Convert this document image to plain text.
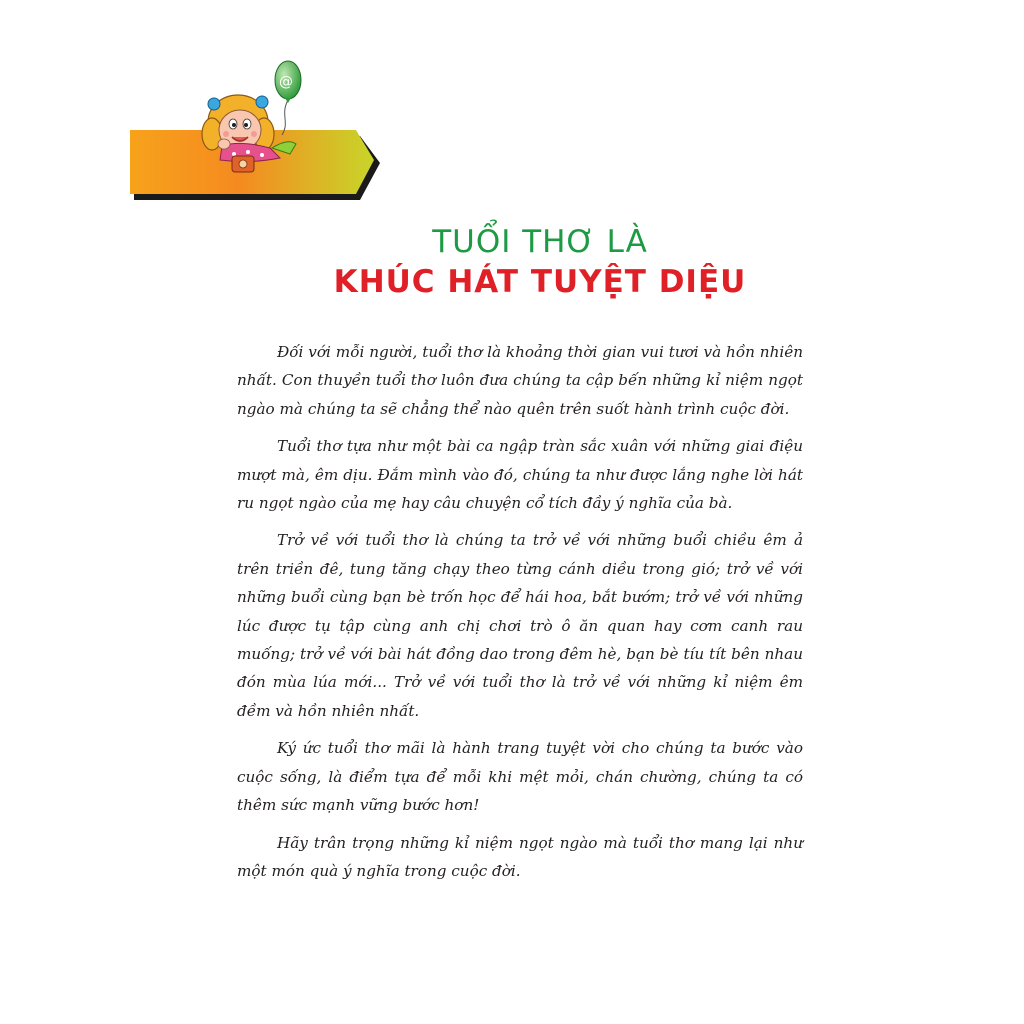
@
TUỔI THƠ LÀ
KHÚC HÁT TUYỆT DIỆU

Đối với mỗi người, tuổi thơ là khoảng thời gian vui tươi và hồn nhiên nhất. Con thuyền tuổi thơ luôn đưa chúng ta cập bến những kỉ niệm ngọt ngào mà chúng ta sẽ chẳng thể nào quên trên suốt hành trình cuộc đời.

Tuổi thơ tựa như một bài ca ngập tràn sắc xuân với những giai điệu mượt mà, êm dịu. Đắm mình vào đó, chúng ta như được lắng nghe lời hát ru ngọt ngào của mẹ hay câu chuyện cổ tích đầy ý nghĩa của bà.

Trở về với tuổi thơ là chúng ta trở về với những buổi chiều êm ả trên triền đê, tung tăng chạy theo từng cánh diều trong gió; trở về với những buổi cùng bạn bè trốn học để hái hoa, bắt bướm; trở về với những lúc được tụ tập cùng anh chị chơi trò ô ăn quan hay cơm canh rau muống; trở về với bài hát đồng dao trong đêm hè, bạn bè tíu tít bên nhau đón mùa lúa mới... Trở về với tuổi thơ là trở về với những kỉ niệm êm đềm và hồn nhiên nhất.

Ký ức tuổi thơ mãi là hành trang tuyệt vời cho chúng ta bước vào cuộc sống, là điểm tựa để mỗi khi mệt mỏi, chán chường, chúng ta có thêm sức mạnh vững bước hơn!

Hãy trân trọng những kỉ niệm ngọt ngào mà tuổi thơ mang lại như một món quà ý nghĩa trong cuộc đời.
